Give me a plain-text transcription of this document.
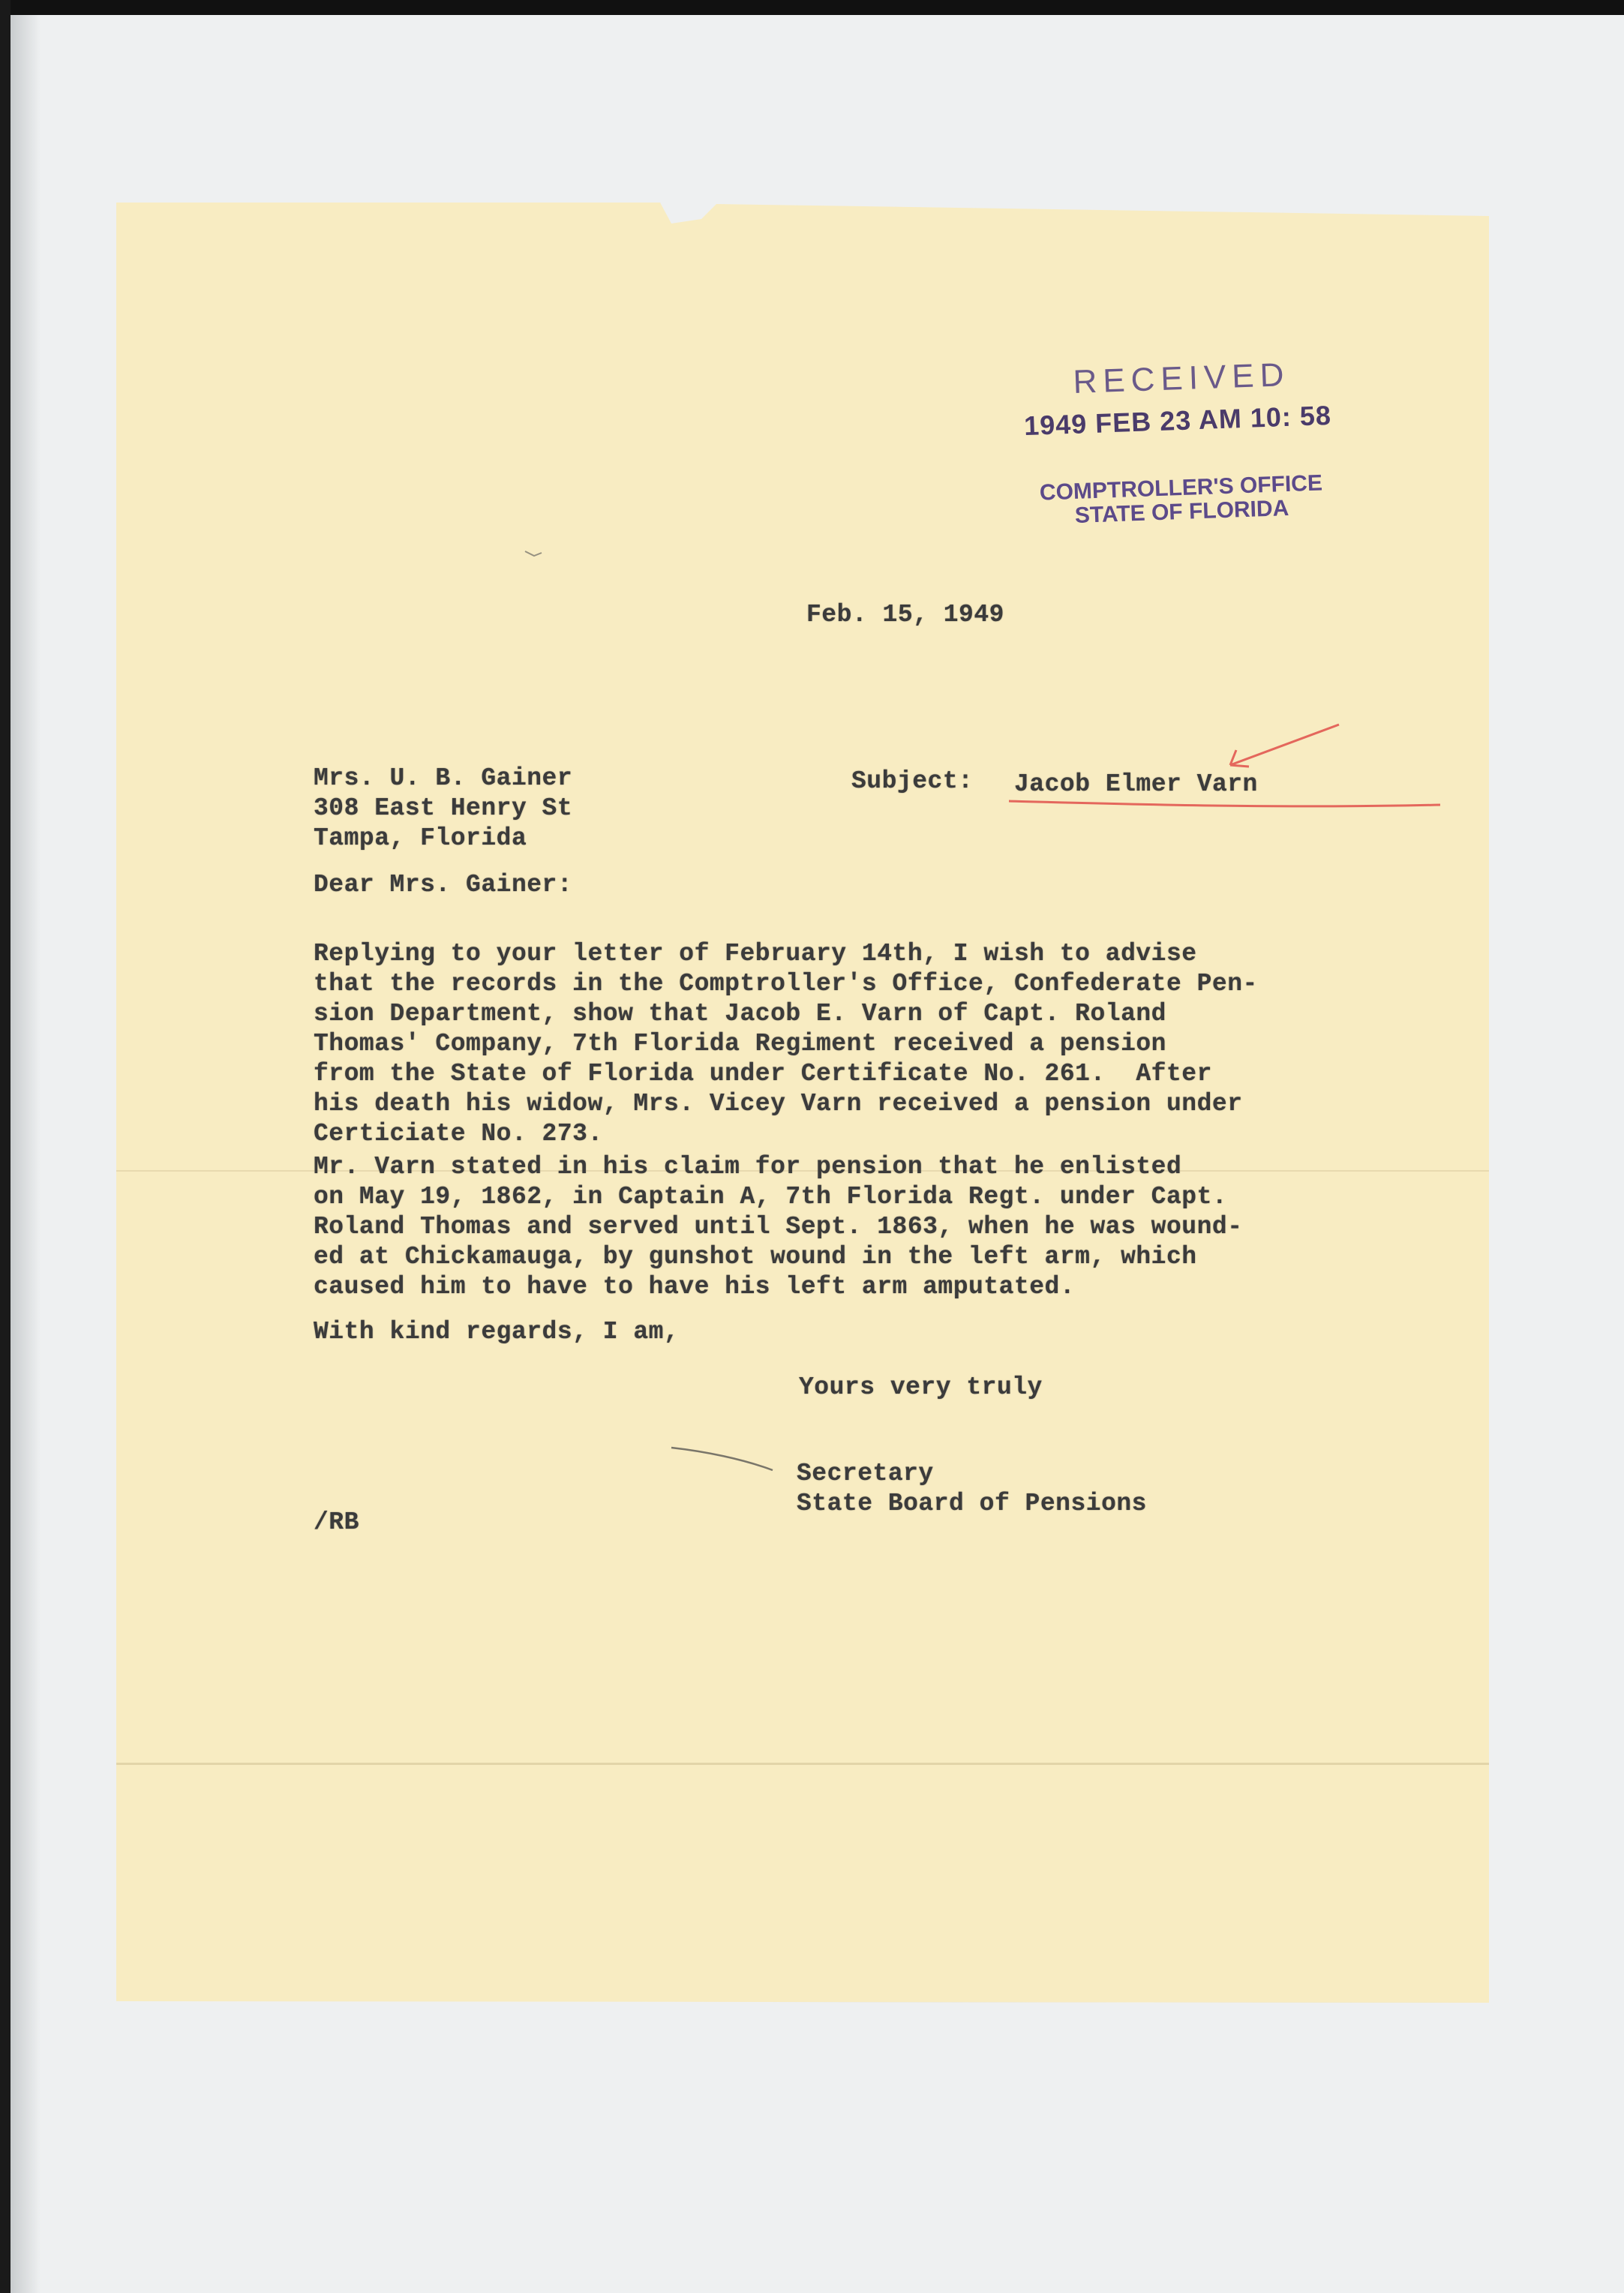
RECEIVED
1949 FEB 23 AM 10: 58
COMPTROLLER'S OFFICE
STATE OF FLORIDA
Feb. 15, 1949
Mrs. U. B. Gainer
308 East Henry St
Tampa, Florida
Subject: Jacob Elmer Varn
Dear Mrs. Gainer:
Replying to your letter of February 14th, I wish to advise
that the records in the Comptroller's Office, Confederate Pen-
sion Department, show that Jacob E. Varn of Capt. Roland
Thomas' Company, 7th Florida Regiment received a pension
from the State of Florida under Certificate No. 261.  After
his death his widow, Mrs. Vicey Varn received a pension under
Certiciate No. 273.
Mr. Varn stated in his claim for pension that he enlisted
on May 19, 1862, in Captain A, 7th Florida Regt. under Capt.
Roland Thomas and served until Sept. 1863, when he was wound-
ed at Chickamauga, by gunshot wound in the left arm, which
caused him to have to have his left arm amputated.
With kind regards, I am,
Yours very truly
Secretary
State Board of Pensions
/RB
